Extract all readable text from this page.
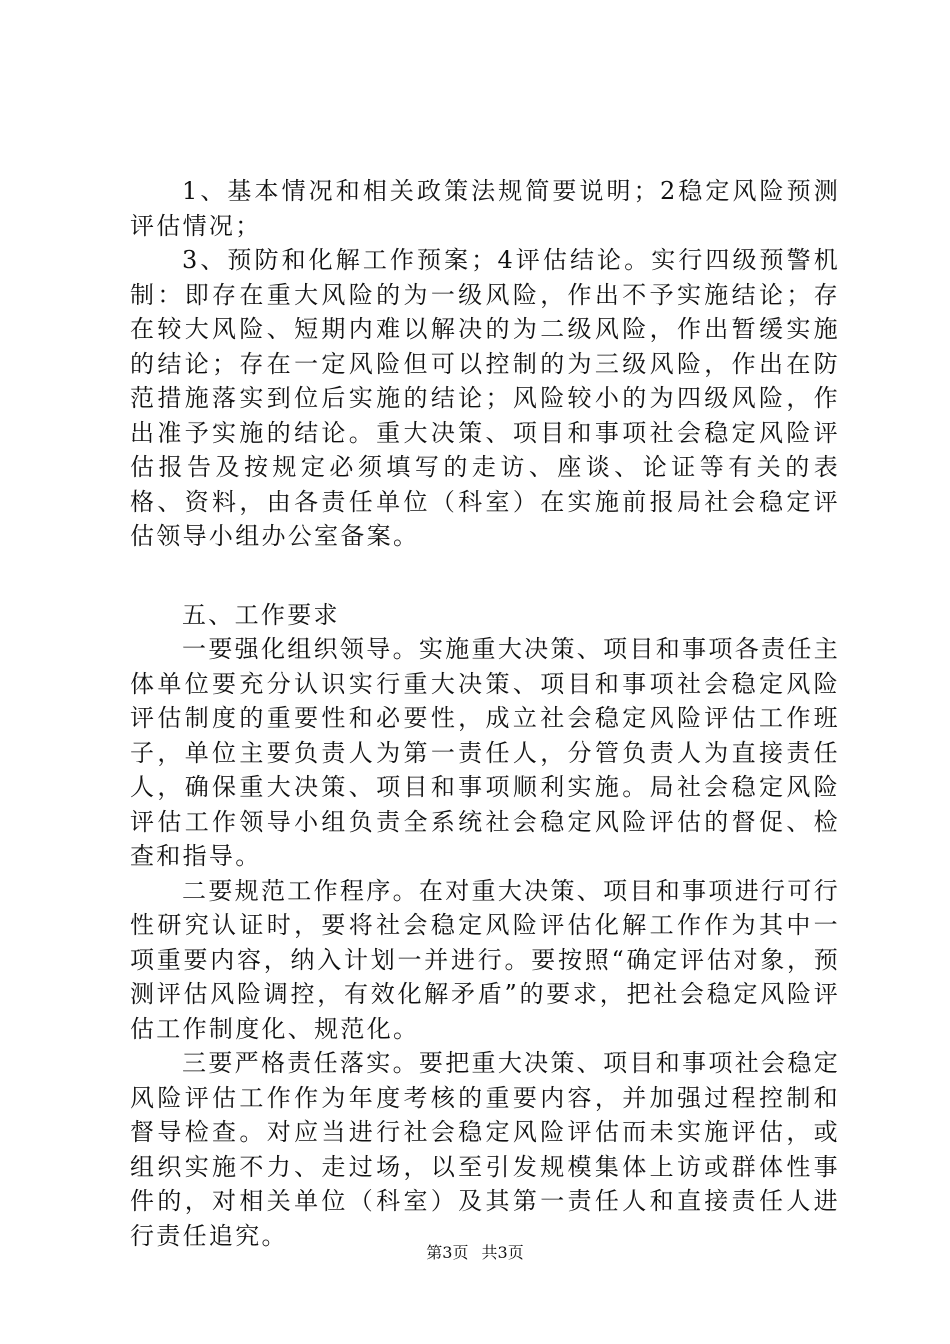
1、基本情况和相关政策法规简要说明；2稳定风险预测评估情况；

3、预防和化解工作预案；4评估结论。实行四级预警机制：即存在重大风险的为一级风险，作出不予实施结论；存在较大风险、短期内难以解决的为二级风险，作出暂缓实施的结论；存在一定风险但可以控制的为三级风险，作出在防范措施落实到位后实施的结论；风险较小的为四级风险，作出准予实施的结论。重大决策、项目和事项社会稳定风险评估报告及按规定必须填写的走访、座谈、论证等有关的表格、资料，由各责任单位（科室）在实施前报局社会稳定评估领导小组办公室备案。

五、工作要求

一要强化组织领导。实施重大决策、项目和事项各责任主体单位要充分认识实行重大决策、项目和事项社会稳定风险评估制度的重要性和必要性，成立社会稳定风险评估工作班子，单位主要负责人为第一责任人，分管负责人为直接责任人，确保重大决策、项目和事项顺利实施。局社会稳定风险评估工作领导小组负责全系统社会稳定风险评估的督促、检查和指导。

二要规范工作程序。在对重大决策、项目和事项进行可行性研究认证时，要将社会稳定风险评估化解工作作为其中一项重要内容，纳入计划一并进行。要按照“确定评估对象，预测评估风险调控，有效化解矛盾”的要求，把社会稳定风险评估工作制度化、规范化。

三要严格责任落实。要把重大决策、项目和事项社会稳定风险评估工作作为年度考核的重要内容，并加强过程控制和督导检查。对应当进行社会稳定风险评估而未实施评估，或组织实施不力、走过场，以至引发规模集体上访或群体性事件的，对相关单位（科室）及其第一责任人和直接责任人进行责任追究。

第3页 共3页
